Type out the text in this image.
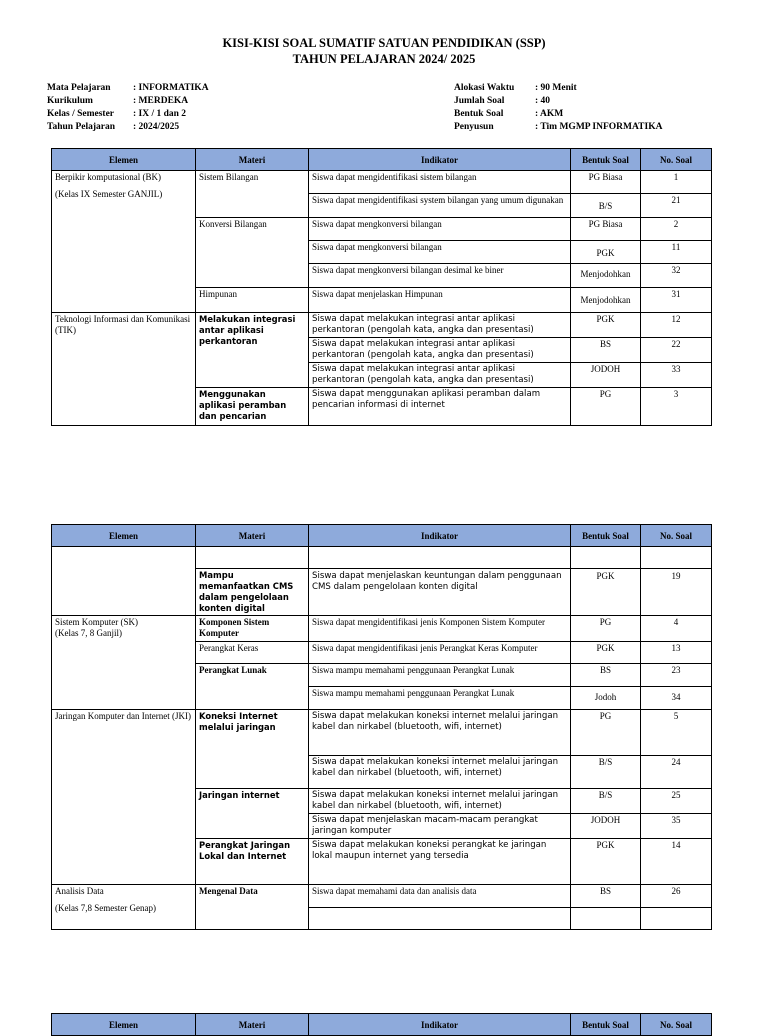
KISI-KISI SOAL SUMATIF SATUAN PENDIDIKAN (SSP)
TAHUN PELAJARAN 2024/ 2025
Mata Pelajaran	: INFORMATIKA
Kurikulum	: MERDEKA
Kelas / Semester	: IX / 1 dan 2
Tahun Pelajaran	: 2024/2025
Alokasi Waktu	: 90 Menit
Jumlah Soal	: 40
Bentuk Soal	: AKM
Penyusun	: Tim MGMP INFORMATIKA
Elemen	Materi	Indikator	Bentuk Soal	No. Soal
Berpikir komputasional (BK)
(Kelas IX Semester GANJIL)	Sistem Bilangan	Siswa dapat mengidentifikasi sistem bilangan	PG Biasa	1
		Siswa dapat mengidentifikasi system bilangan yang umum digunakan	B/S	21
	Konversi Bilangan	Siswa dapat mengkonversi bilangan	PG Biasa	2
		Siswa dapat mengkonversi bilangan	PGK	11
		Siswa dapat mengkonversi bilangan desimal ke biner	Menjodohkan	32
	Himpunan	Siswa dapat menjelaskan Himpunan	Menjodohkan	31
Teknologi Informasi dan Komunikasi (TIK)	Melakukan integrasi antar aplikasi perkantoran	Siswa dapat melakukan integrasi antar aplikasi perkantoran (pengolah kata, angka dan presentasi)	PGK	12
		Siswa dapat melakukan integrasi antar aplikasi perkantoran (pengolah kata, angka dan presentasi)	BS	22
		Siswa dapat melakukan integrasi antar aplikasi perkantoran (pengolah kata, angka dan presentasi)	JODOH	33
	Menggunakan aplikasi peramban dan pencarian	Siswa dapat menggunakan aplikasi peramban dalam pencarian informasi di internet	PG	3
Elemen	Materi	Indikator	Bentuk Soal	No. Soal

	Mampu memanfaatkan CMS dalam pengelolaan konten digital	Siswa dapat menjelaskan keuntungan dalam penggunaan CMS dalam pengelolaan konten digital	PGK	19
Sistem Komputer (SK)
(Kelas 7, 8 Ganjil)	Komponen Sistem Komputer	Siswa dapat mengidentifikasi jenis Komponen Sistem Komputer	PG	4
	Perangkat Keras	Siswa dapat mengidentifikasi jenis Perangkat Keras Komputer	PGK	13
	Perangkat Lunak	Siswa mampu memahami penggunaan Perangkat Lunak	BS	23
		Siswa mampu memahami penggunaan Perangkat Lunak	Jodoh	34
Jaringan Komputer dan Internet (JKI)	Koneksi Internet melalui jaringan	Siswa dapat melakukan koneksi internet melalui jaringan kabel dan nirkabel (bluetooth, wifi, internet)	PG	5
		Siswa dapat melakukan koneksi internet melalui jaringan kabel dan nirkabel (bluetooth, wifi, internet)	B/S	24
	Jaringan internet	Siswa dapat melakukan koneksi internet melalui jaringan kabel dan nirkabel (bluetooth, wifi, internet)	B/S	25
		Siswa dapat menjelaskan macam-macam perangkat jaringan komputer	JODOH	35
	Perangkat Jaringan Lokal dan Internet	Siswa dapat melakukan koneksi perangkat ke jaringan lokal maupun internet yang tersedia	PGK	14
Analisis Data
(Kelas 7,8 Semester Genap)	Mengenal Data	Siswa dapat memahami data dan analisis data	BS	26

Elemen	Materi	Indikator	Bentuk Soal	No. Soal
